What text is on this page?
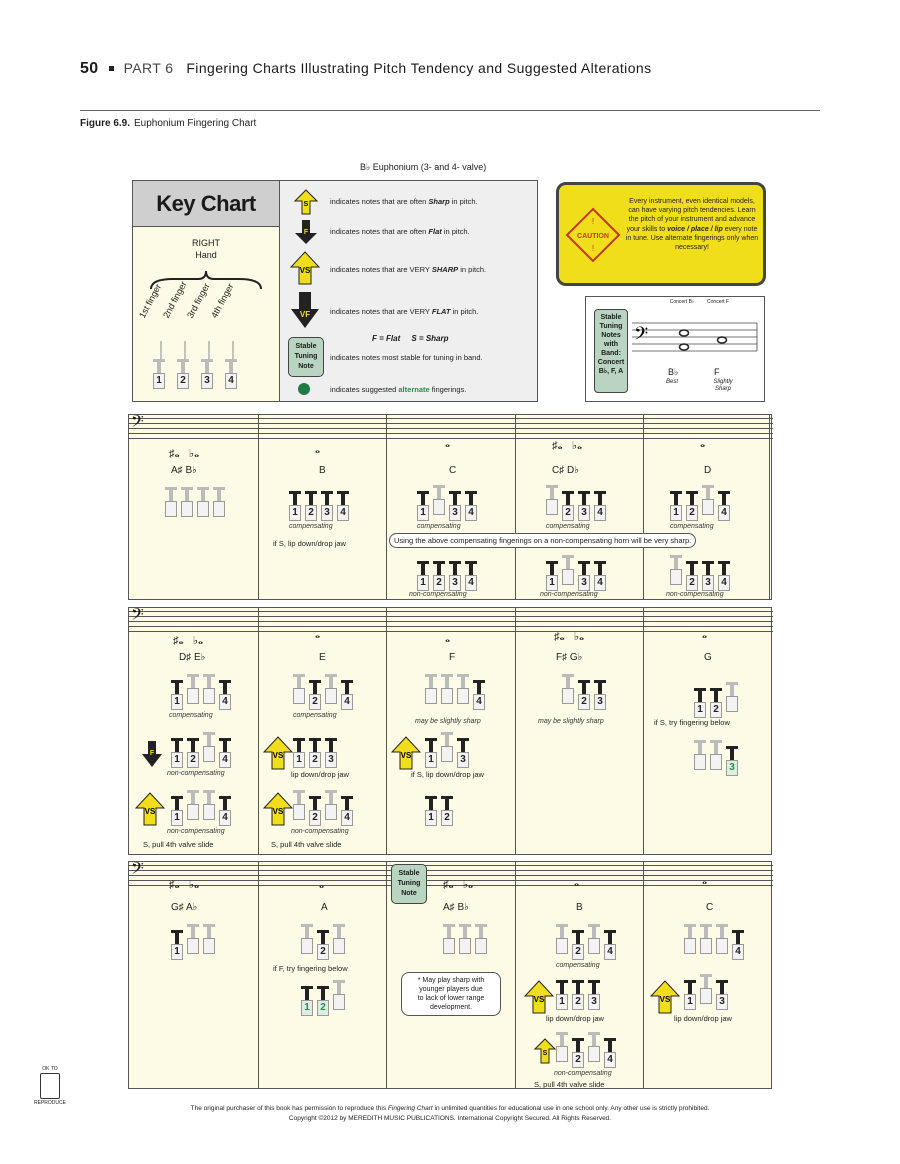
50 PART 6 Fingering Charts Illustrating Pitch Tendency and Suggested Alterations
Figure 6.9. Euphonium Fingering Chart
B♭ Euphonium (3- and 4- valve)
Key Chart
RIGHT
Hand
1st finger
2nd finger
3rd finger
4th finger
1	2	3	4
S	indicates notes that are often Sharp in pitch.
F	indicates notes that are often Flat in pitch.
VS	indicates notes that are VERY SHARP in pitch.
VF	indicates notes that are VERY FLAT in pitch.
F = Flat S = Sharp
Stable
Tuning
Note
indicates notes most stable for tuning in band.
indicates suggested alternate fingerings.
!
CAUTION
!
Every instrument, even identical models, can have varying pitch tendencies. Learn the pitch of your instrument and advance your skills to voice / place / lip every note in tune. Use alternate fingerings only when necessary!
Stable
Tuning
Notes
with
Band:
Concert
B♭, F, A
Concert B♭	Concert F
𝄢
B♭
Best
F
Slightly Sharp
𝄢
♯𝅝   ♭𝅝
A♯ B♭
𝅝
B
1	2	3	4
compensating
if S, lip down/drop jaw
𝅝
C
1	3	4
compensating
1	2	3	4
non-compensating
♯𝅝   ♭𝅝
C♯ D♭
2	3	4
compensating
1	3	4
non-compensating
𝅝
D
1	2	4
compensating
2	3	4
non-compensating
Using the above compensating fingerings on a non-compensating horn will be very sharp.
𝄢
♯𝅝   ♭𝅝
D♯ E♭
1	4
compensating
F
1	2	4
non-compensating
VS
1	4
non-compensating
S, pull 4th valve slide
𝅝
E
2	4
compensating
VS	1	2	3
lip down/drop jaw
VS
2	4
non-compensating
S, pull 4th valve slide
𝅝
F
4
may be slightly sharp
VS	1	3
if S, lip down/drop jaw
1	2
♯𝅝   ♭𝅝
F♯ G♭
2	3
may be slightly sharp
𝅝
G
1	2
if S, try fingering below
3
𝄢
♯𝅝   ♭𝅝
G♯ A♭
1
𝅝
A
2
if F, try fingering below
1	2
Stable
Tuning
Note
♯𝅝   ♭𝅝
A♯ B♭
* May play sharp with
younger players due
to lack of lower range
development.
𝅝
B
2	4
compensating
VS	1	2	3
lip down/drop jaw
S
2	4
non-compensating
S, pull 4th valve slide
𝅝
C
4
VS	1	3
lip down/drop jaw
OK TO
REPRODUCE
The original purchaser of this book has permission to reproduce this Fingering Chart in unlimited quantities for educational use in one school only. Any other use is strictly prohibited.
Copyright ©2012 by MEREDITH MUSIC PUBLICATIONS. International Copyright Secured. All Rights Reserved.
